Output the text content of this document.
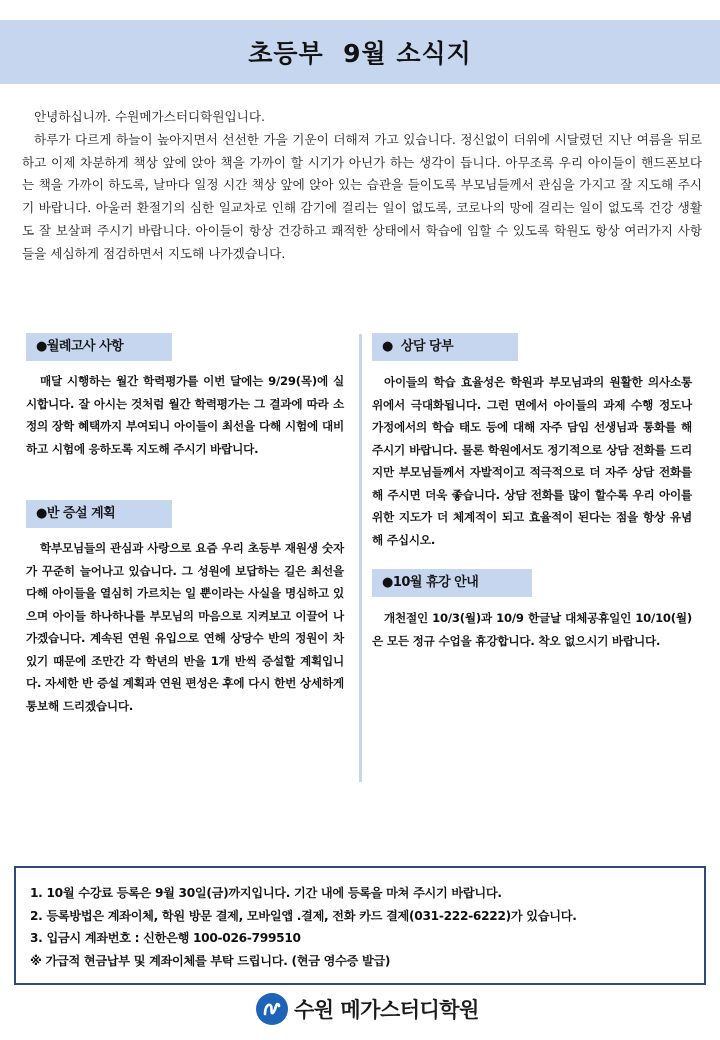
초등부  9월 소식지

안녕하십니까. 수원메가스터디학원입니다.

하루가 다르게 하늘이 높아지면서 선선한 가을 기운이 더해져 가고 있습니다. 정신없이 더위에 시달렸던 지난 여름을 뒤로 하고 이제 차분하게 책상 앞에 앉아 책을 가까이 할 시기가 아닌가 하는 생각이 듭니다. 아무조록 우리 아이들이 핸드폰보다는 책을 가까이 하도록, 날마다 일정 시간 책상 앞에 앉아 있는 습관을 들이도록 부모님들께서 관심을 가지고 잘 지도해 주시기 바랍니다. 아울러 환절기의 심한 일교차로 인해 감기에 걸리는 일이 없도록, 코로나의 망에 걸리는 일이 없도록 건강 생활도 잘 보살펴 주시기 바랍니다. 아이들이 항상 건강하고 쾌적한 상태에서 학습에 임할 수 있도록 학원도 항상 여러가지 사항들을 세심하게 점검하면서 지도해 나가겠습니다.

●월례고사 사항
매달 시행하는 월간 학력평가를 이번 달에는 9/29(목)에 실시합니다. 잘 아시는 것처럼 월간 학력평가는 그 결과에 따라 소정의 장학 혜택까지 부여되니 아이들이 최선을 다해 시험에 대비하고 시험에 응하도록 지도해 주시기 바랍니다.
●반 증설 계획
학부모님들의 관심과 사랑으로 요즘 우리 초등부 재원생 숫자가 꾸준히 늘어나고 있습니다. 그 성원에 보답하는 길은 최선을 다해 아이들을 열심히 가르치는 일 뿐이라는 사실을 명심하고 있으며 아이들 하나하나를 부모님의 마음으로 지켜보고 이끌어 나가겠습니다. 계속된 연원 유입으로 연해 상당수 반의 정원이 차 있기 때문에 조만간 각 학년의 반을 1개 반씩 증설할 계획입니다. 자세한 반 증설 계획과 연원 편성은 후에 다시 한번 상세하게 통보해 드리겠습니다.
●  상담 당부
아이들의 학습 효율성은 학원과 부모님과의 원활한 의사소통 위에서 극대화됩니다. 그런 면에서 아이들의 과제 수행 정도나 가정에서의 학습 태도 등에 대해 자주 담임 선생님과 통화를 해 주시기 바랍니다. 물론 학원에서도 정기적으로 상담 전화를 드리지만 부모님들께서 자발적이고 적극적으로 더 자주 상담 전화를 해 주시면 더욱 좋습니다. 상담 전화를 많이 할수록 우리 아이를 위한 지도가 더 체계적이 되고 효율적이 된다는 점을 항상 유념해 주십시오.
●10월 휴강 안내
개천절인 10/3(월)과 10/9 한글날 대체공휴일인 10/10(월)은 모든 정규 수업을 휴강합니다. 착오 없으시기 바랍니다.
1. 10월 수강료 등록은 9월 30일(금)까지입니다. 기간 내에 등록을 마쳐 주시기 바랍니다.
2. 등록방법은 계좌이체, 학원 방문 결제, 모바일앱 .결제, 전화 카드 결제(031-222-6222)가 있습니다.
3. 입금시 계좌번호 : 신한은행 100-026-799510
※ 가급적 현금납부 및 계좌이체를 부탁 드립니다. (현금 영수증 발급)
수원 메가스터디학원
